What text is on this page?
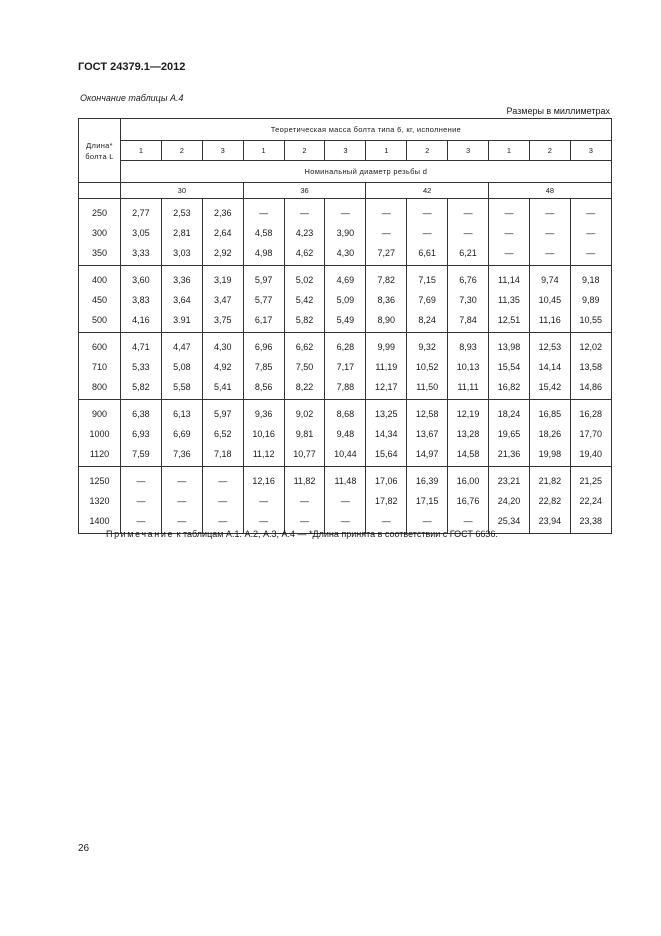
ГОСТ 24379.1—2012
Окончание таблицы А.4
Размеры в миллиметрах
Длина*
болта L	Теоретическая масса болта типа 6, кг, исполнение											
	1	2	3	1	2	3	1	2	3	1	2	3
	Номинальный диаметр резьбы d											
	30			36			42			48		
250	2,77	2,53	2,36	—	—	—	—	—	—	—	—	—
300	3,05	2,81	2,64	4,58	4,23	3,90	—	—	—	—	—	—
350	3,33	3,03	2,92	4,98	4,62	4,30	7,27	6,61	6,21	—	—	—
400	3,60	3,36	3,19	5,97	5,02	4,69	7,82	7,15	6,76	11,14	9,74	9,18
450	3,83	3,64	3,47	5,77	5,42	5,09	8,36	7,69	7,30	11,35	10,45	9,89
500	4,16	3.91	3,75	6,17	5,82	5,49	8,90	8,24	7,84	12,51	11,16	10,55
600	4,71	4,47	4,30	6,96	6,62	6,28	9,99	9,32	8,93	13,98	12,53	12,02
710	5,33	5,08	4,92	7,85	7,50	7,17	11,19	10,52	10,13	15,54	14,14	13,58
800	5,82	5,58	5,41	8,56	8,22	7,88	12,17	11,50	11,11	16,82	15,42	14,86
900	6,38	6,13	5,97	9,36	9,02	8,68	13,25	12,58	12,19	18,24	16,85	16,28
1000	6,93	6,69	6,52	10,16	9,81	9,48	14,34	13,67	13,28	19,65	18,26	17,70
1120	7,59	7,36	7,18	11,12	10,77	10,44	15,64	14,97	14,58	21,36	19,98	19,40
1250	—	—	—	12,16	11,82	11,48	17,06	16,39	16,00	23,21	21,82	21,25
1320	—	—	—	—	—	—	17,82	17,15	16,76	24,20	22,82	22,24
1400	—	—	—	—	—	—	—	—	—	25,34	23,94	23,38
Примечание к таблицам А.1. А.2, А.3, А.4 — *Длина принята в соответствии с ГОСТ 6636.
26
